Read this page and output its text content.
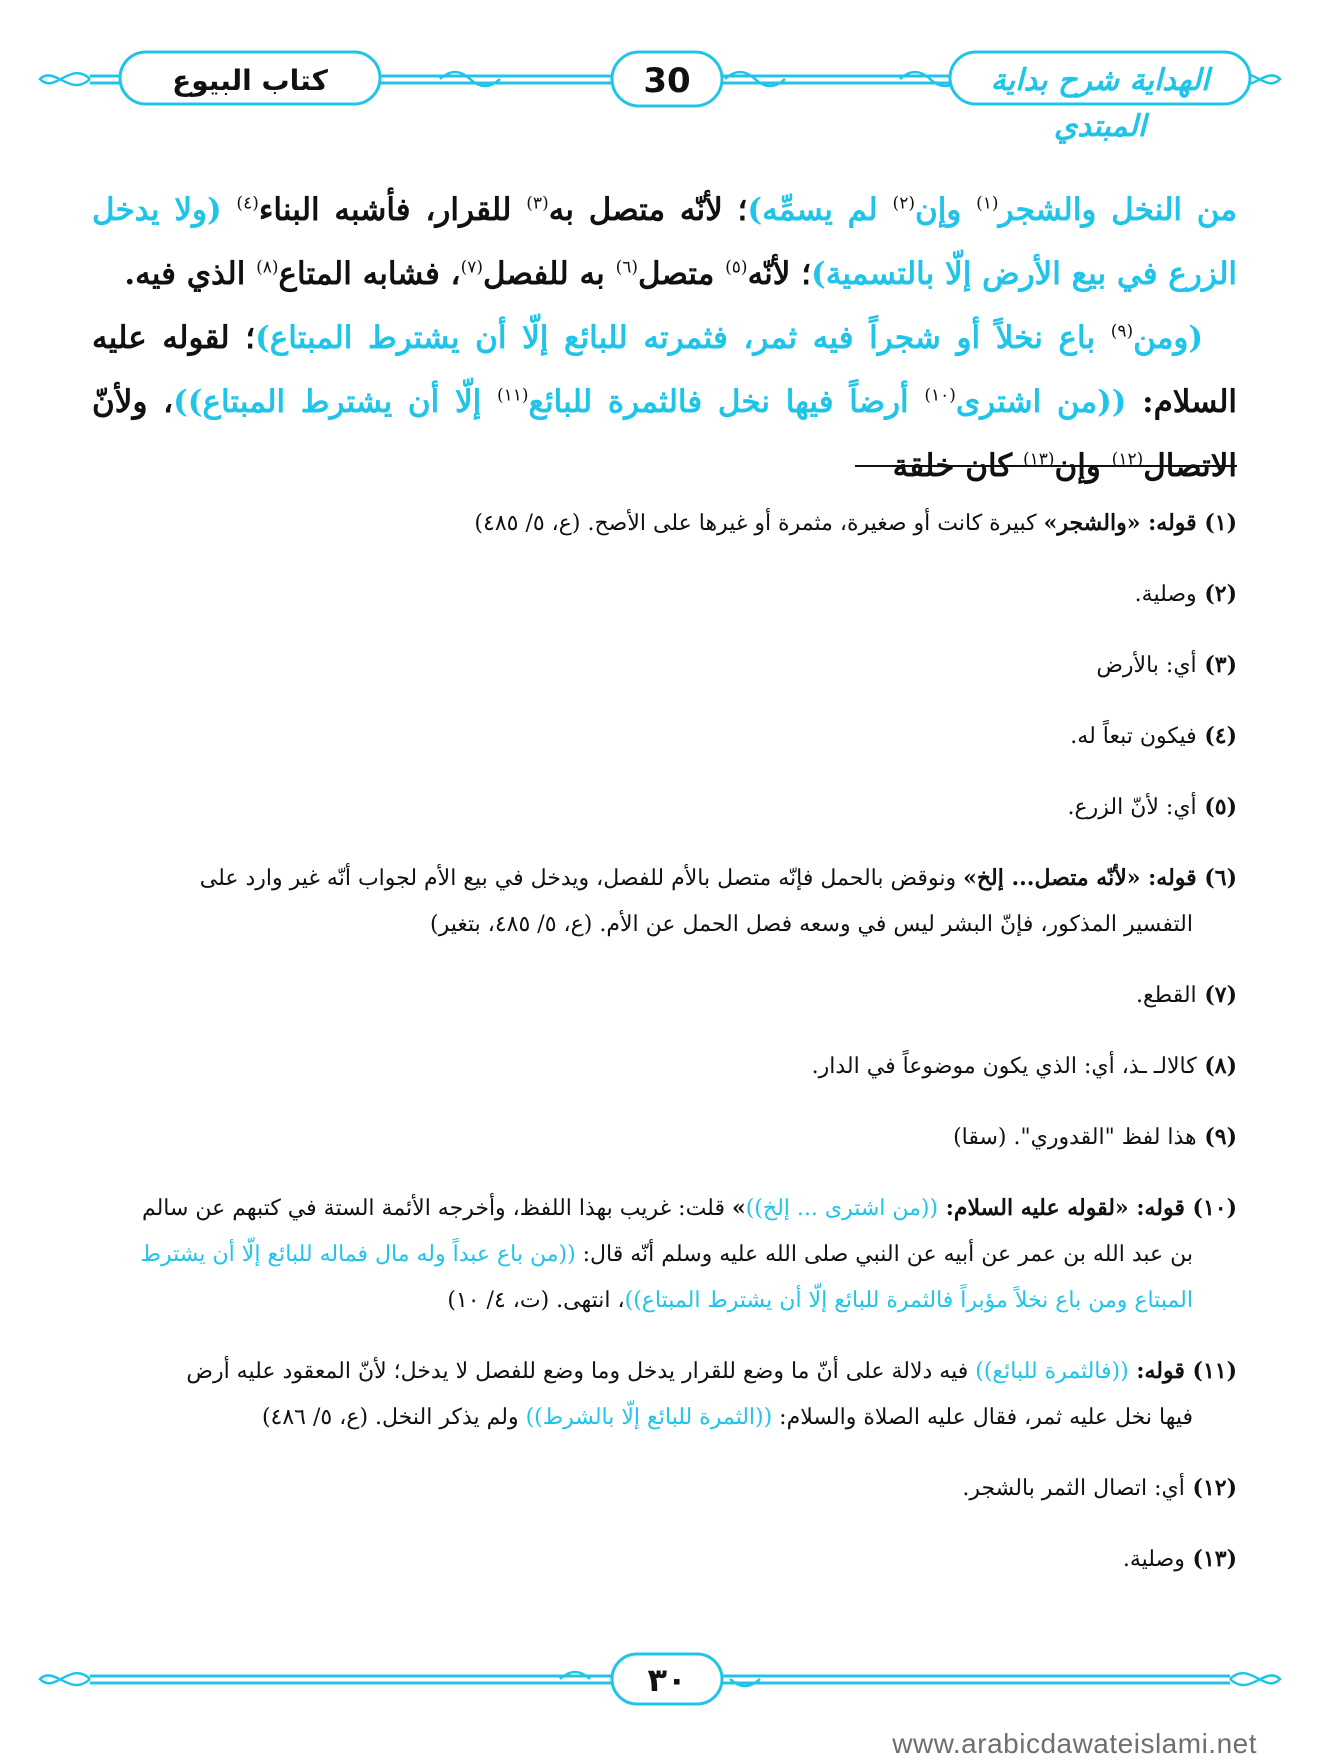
الهداية شرح بداية المبتدي
30
كتاب البيوع

من النخل والشجر$^{(١)}$ وإن$^{(٢)}$ لم يسمِّه)؛ لأنّه متصل به$^{(٣)}$ للقرار، فأشبه البناء$^{(٤)}$ (ولا يدخل الزرع في بيع الأرض إلّا بالتسمية)؛ لأنّه$^{(٥)}$ متصل$^{(٦)}$ به للفصل$^{(٧)}$، فشابه المتاع$^{(٨)}$ الذي فيه.

(ومن$^{(٩)}$ باع نخلاً أو شجراً فيه ثمر، فثمرته للبائع إلّا أن يشترط المبتاع)؛ لقوله عليه السلام: ((من اشترى$^{(١٠)}$ أرضاً فيها نخل فالثمرة للبائع$^{(١١)}$ إلّا أن يشترط المبتاع))، ولأنّ الاتصال$^{(١٢)}$ وإن$^{(١٣)}$ كان خلقة

(١) قوله: «والشجر» كبيرة كانت أو صغيرة، مثمرة أو غيرها على الأصح. (ع، ٥/ ٤٨٥)
(٢) وصلية.
(٣) أي: بالأرض
(٤) فيكون تبعاً له.
(٥) أي: لأنّ الزرع.
(٦) قوله: «لأنّه متصل... إلخ» ونوقض بالحمل فإنّه متصل بالأم للفصل، ويدخل في بيع الأم لجواب أنّه غير وارد على
التفسير المذكور، فإنّ البشر ليس في وسعه فصل الحمل عن الأم. (ع، ٥/ ٤٨٥، بتغير)
(٧) القطع.
(٨) كالالـ ـذ، أي: الذي يكون موضوعاً في الدار.
(٩) هذا لفظ "القدوري". (سقا)
(١٠) قوله: «لقوله عليه السلام: ((من اشترى ... إلخ))» قلت: غريب بهذا اللفظ، وأخرجه الأئمة الستة في كتبهم عن سالم
بن عبد الله بن عمر عن أبيه عن النبي صلى الله عليه وسلم أنّه قال: ((من باع عبداً وله مال فماله للبائع إلّا أن يشترط
المبتاع ومن باع نخلاً مؤبراً فالثمرة للبائع إلّا أن يشترط المبتاع))، انتهى. (ت، ٤/ ١٠)
(١١) قوله: ((فالثمرة للبائع)) فيه دلالة على أنّ ما وضع للقرار يدخل وما وضع للفصل لا يدخل؛ لأنّ المعقود عليه أرض
فيها نخل عليه ثمر، فقال عليه الصلاة والسلام: ((الثمرة للبائع إلّا بالشرط)) ولم يذكر النخل. (ع، ٥/ ٤٨٦)
(١٢) أي: اتصال الثمر بالشجر.
(١٣) وصلية.
٣٠
www.arabicdawateislami.net
